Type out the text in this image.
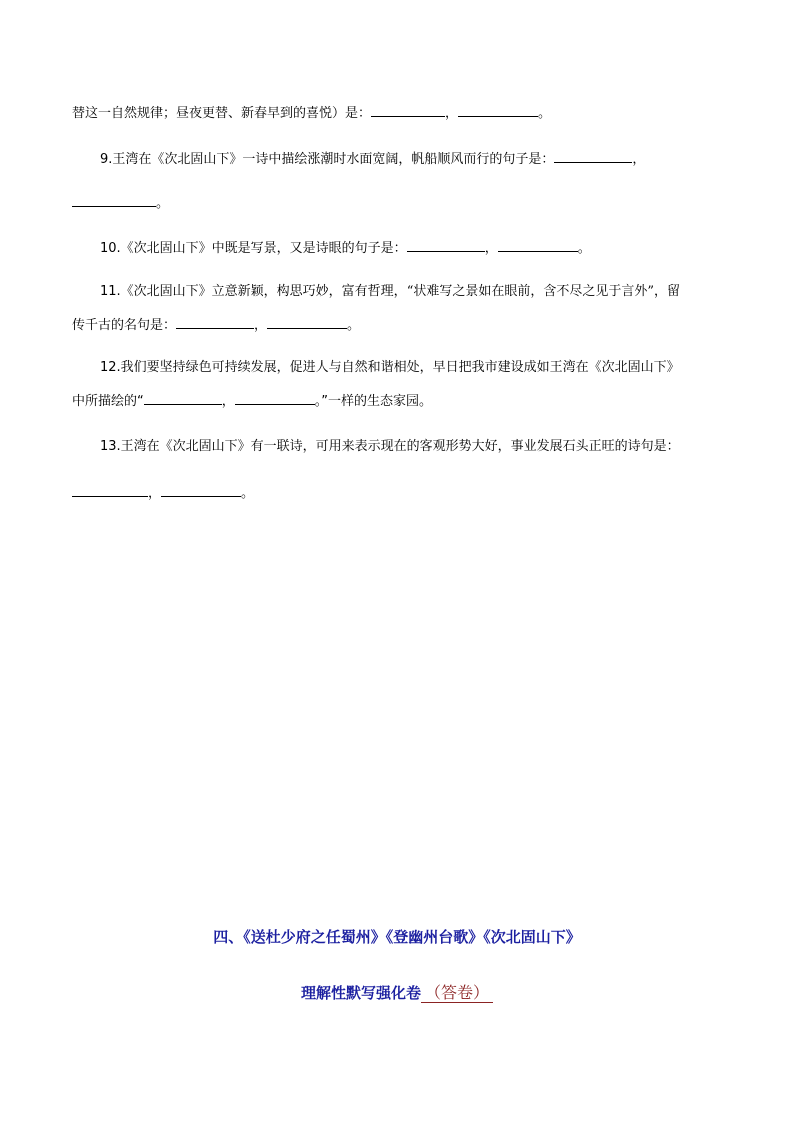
替这一自然规律；昼夜更替、新春早到的喜悦）是：	，	。
9.王湾在《次北固山下》一诗中描绘涨潮时水面宽阔，帆船顺风而行的句子是：	，
。
10.《次北固山下》中既是写景，又是诗眼的句子是：	，	。
11.《次北固山下》立意新颖，构思巧妙，富有哲理，“状难写之景如在眼前，含不尽之见于言外”，留
传千古的名句是：	，	。
12.我们要坚持绿色可持续发展，促进人与自然和谐相处，早日把我市建设成如王湾在《次北固山下》
中所描绘的“	，	。”一样的生态家园。
13.王湾在《次北固山下》有一联诗，可用来表示现在的客观形势大好，事业发展石头正旺的诗句是：
，	。
四、《送杜少府之任蜀州》《登幽州台歌》《次北固山下》
理解性默写强化卷 （答卷）
